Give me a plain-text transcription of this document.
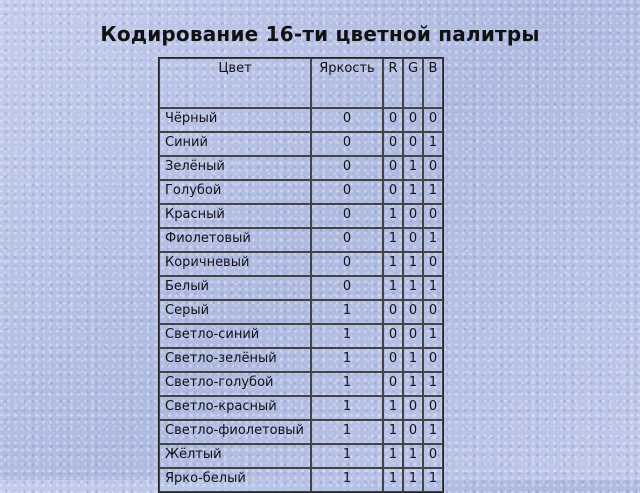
Кодирование 16-ти цветной палитры
Цвет	Яркость	R	G	B
Чёрный	0	0	0	0
Синий	0	0	0	1
Зелёный	0	0	1	0
Голубой	0	0	1	1
Красный	0	1	0	0
Фиолетовый	0	1	0	1
Коричневый	0	1	1	0
Белый	0	1	1	1
Серый	1	0	0	0
Светло-синий	1	0	0	1
Светло-зелёный	1	0	1	0
Светло-голубой	1	0	1	1
Светло-красный	1	1	0	0
Светло-фиолетовый	1	1	0	1
Жёлтый	1	1	1	0
Ярко-белый	1	1	1	1
